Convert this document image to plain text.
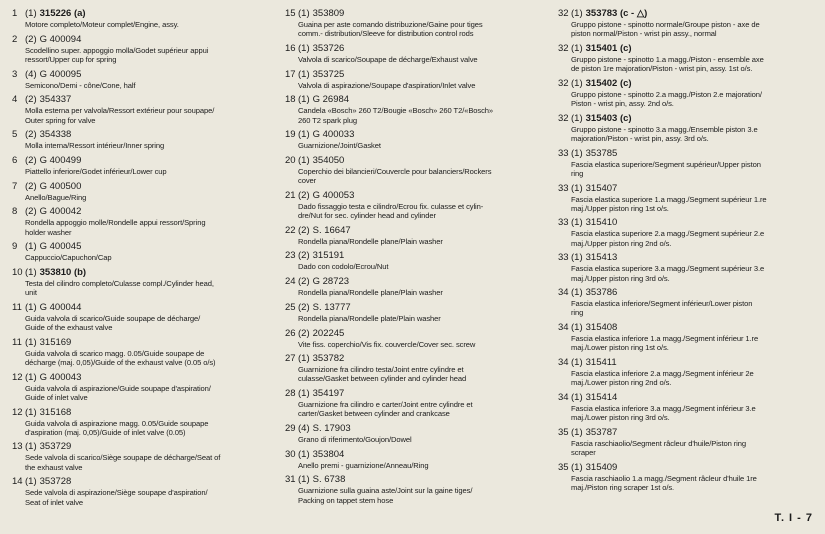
1 (1) 315226 (a)
Motore completo/Moteur complet/Engine, assy.
2 (2) G 400094
Scodellino super. appoggio molla/Godet supérieur appui
ressort/Upper cup for spring
3 (4) G 400095
Semicono/Demi - cône/Cone, half
4 (2) 354337
Molla esterna per valvola/Ressort extérieur pour soupape/
Outer spring for valve
5 (2) 354338
Molla interna/Ressort intérieur/Inner spring
6 (2) G 400499
Piattello inferiore/Godet inférieur/Lower cup
7 (2) G 400500
Anello/Bague/Ring
8 (2) G 400042
Rondella appoggio molle/Rondelle appui ressort/Spring
holder washer
9 (1) G 400045
Cappuccio/Capuchon/Cap
10 (1) 353810 (b)
Testa del cilindro completo/Culasse compl./Cylinder head,
unit
11 (1) G 400044
Guida valvola di scarico/Guide soupape de décharge/
Guide of the exhaust valve
11 (1) 315169
Guida valvola di scarico magg. 0.05/Guide soupape de
décharge (maj. 0,05)/Guide of the exhaust valve (0.05 o/s)
12 (1) G 400043
Guida valvola di aspirazione/Guide soupape d'aspiration/
Guide of inlet valve
12 (1) 315168
Guida valvola di aspirazione magg. 0.05/Guide soupape
d'aspiration (maj. 0,05)/Guide of inlet valve (0.05)
13 (1) 353729
Sede valvola di scarico/Siège soupape de décharge/Seat of
the exhaust valve
14 (1) 353728
Sede valvola di aspirazione/Siège soupape d'aspiration/
Seat of inlet valve
15 (1) 353809
Guaina per aste comando distribuzione/Gaine pour tiges
comm.- distribution/Sleeve for distribution control rods
16 (1) 353726
Valvola di scarico/Soupape de décharge/Exhaust valve
17 (1) 353725
Valvola di aspirazione/Soupape d'aspiration/Inlet valve
18 (1) G 26984
Candela «Bosch» 260 T2/Bougie «Bosch» 260 T2/«Bosch»
260 T2 spark plug
19 (1) G 400033
Guarnizione/Joint/Gasket
20 (1) 354050
Coperchio dei bilancieri/Couvercle pour balanciers/Rockers
cover
21 (2) G 400053
Dado fissaggio testa e cilindro/Ecrou fix. culasse et cylin-
dre/Nut for sec. cylinder head and cylinder
22 (2) S. 16647
Rondella piana/Rondelle plane/Plain washer
23 (2) 315191
Dado con codolo/Ecrou/Nut
24 (2) G 28723
Rondella piana/Rondelle plane/Plain washer
25 (2) S. 13777
Rondella piana/Rondelle plate/Plain washer
26 (2) 202245
Vite fiss. coperchio/Vis fix. couvercle/Cover sec. screw
27 (1) 353782
Guarnizione fra cilindro testa/Joint entre cylindre et
culasse/Gasket between cylinder and cylinder head
28 (1) 354197
Guarnizione fra cilindro e carter/Joint entre cylindre et
carter/Gasket between cylinder and crankcase
29 (4) S. 17903
Grano di riferimento/Goujon/Dowel
30 (1) 353804
Anello premi - guarnizione/Anneau/Ring
31 (1) S. 6738
Guarnizione sulla guaina aste/Joint sur la gaine tiges/
Packing on tappet stem hose
32 (1) 353783 (c - △)
Gruppo pistone - spinotto normale/Groupe piston - axe de
piston normal/Piston - wrist pin assy., normal
32 (1) 315401 (c)
Gruppo pistone - spinotto 1.a magg./Piston - ensemble axe
de piston 1re majoration/Piston - wrist pin, assy. 1st o/s.
32 (1) 315402 (c)
Gruppo pistone - spinotto 2.a magg./Piston 2.e majoration/
Piston - wrist pin, assy. 2nd o/s.
32 (1) 315403 (c)
Gruppo pistone - spinotto 3.a magg./Ensemble piston 3.e
majoration/Piston - wrist pin, assy. 3rd o/s.
33 (1) 353785
Fascia elastica superiore/Segment supérieur/Upper piston
ring
33 (1) 315407
Fascia elastica superiore 1.a magg./Segment supérieur 1.re
maj./Upper piston ring 1st o/s.
33 (1) 315410
Fascia elastica superiore 2.a magg./Segment supérieur 2.e
maj./Upper piston ring 2nd o/s.
33 (1) 315413
Fascia elastica superiore 3.a magg./Segment supérieur 3.e
maj./Upper piston ring 3rd o/s.
34 (1) 353786
Fascia elastica inferiore/Segment inférieur/Lower piston
ring
34 (1) 315408
Fascia elastica inferiore 1.a magg./Segment inférieur 1.re
maj./Lower piston ring 1st o/s.
34 (1) 315411
Fascia elastica inferiore 2.a magg./Segment inférieur 2e
maj./Lower piston ring 2nd o/s.
34 (1) 315414
Fascia elastica inferiore 3.a magg./Segment inférieur 3.e
maj./Lower piston ring 3rd o/s.
35 (1) 353787
Fascia raschiaolio/Segment râcleur d'huile/Piston ring
scraper
35 (1) 315409
Fascia raschiaolio 1.a magg./Segment râcleur d'huile 1re
maj./Piston ring scraper 1st o/s.
T. I - 7
